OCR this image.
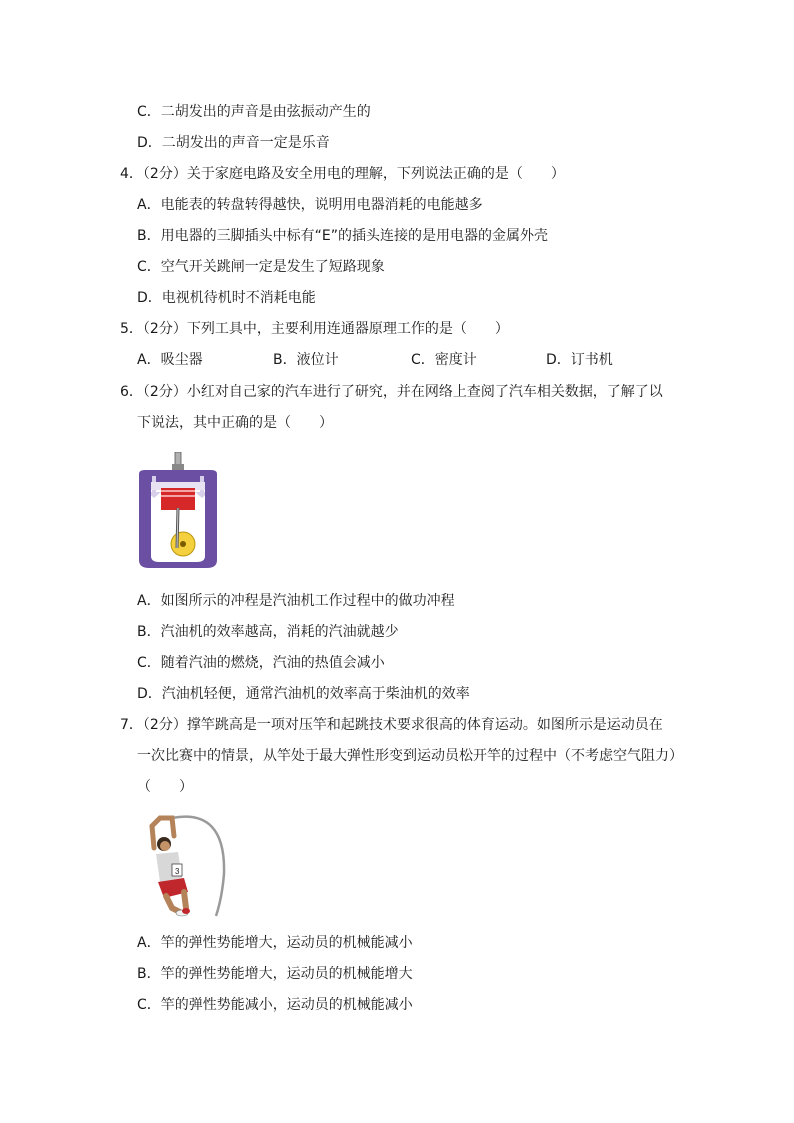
C．二胡发出的声音是由弦振动产生的
D．二胡发出的声音一定是乐音
4．（2分）关于家庭电路及安全用电的理解，下列说法正确的是（　　）
A．电能表的转盘转得越快，说明用电器消耗的电能越多
B．用电器的三脚插头中标有“E”的插头连接的是用电器的金属外壳
C．空气开关跳闸一定是发生了短路现象
D．电视机待机时不消耗电能
5．（2分）下列工具中，主要利用连通器原理工作的是（　　）
A．吸尘器	B．液位计	C．密度计	D．订书机
6．（2分）小红对自己家的汽车进行了研究，并在网络上查阅了汽车相关数据，了解了以
下说法，其中正确的是（　　）
A．如图所示的冲程是汽油机工作过程中的做功冲程
B．汽油机的效率越高，消耗的汽油就越少
C．随着汽油的燃烧，汽油的热值会减小
D．汽油机轻便，通常汽油机的效率高于柴油机的效率
7．（2分）撑竿跳高是一项对压竿和起跳技术要求很高的体育运动。如图所示是运动员在
一次比赛中的情景，从竿处于最大弹性形变到运动员松开竿的过程中（不考虑空气阻力）
（　　）
3
A．竿的弹性势能增大，运动员的机械能减小
B．竿的弹性势能增大，运动员的机械能增大
C．竿的弹性势能减小，运动员的机械能减小
